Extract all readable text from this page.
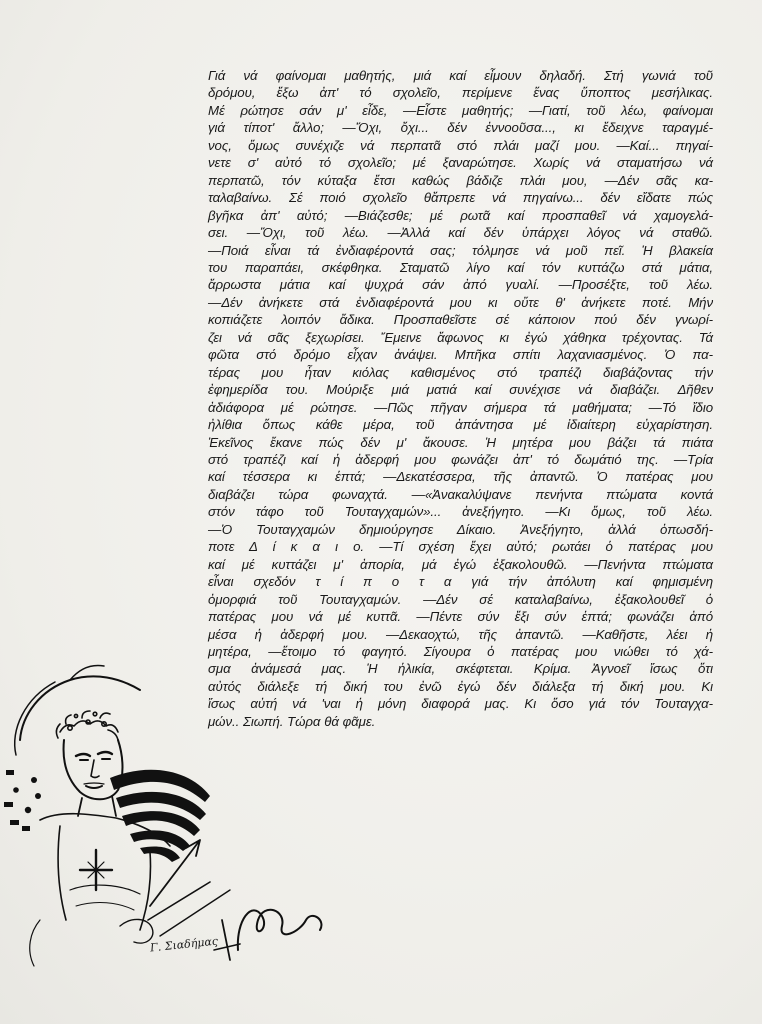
Γιά νά φαίνομαι μαθητής, μιά καί εἶμουν δηλαδή. Στή γωνιά τοῦ
δρόμου, ἔξω ἀπ' τό σχολεῖο, περίμενε ἕνας ὕποπτος μεσήλικας.
Μέ ρώτησε σάν μ' εἶδε, —Εἶστε μαθητής; —Γιατί, τοῦ λέω, φαίνομαι
γιά τίποτ' ἄλλο; —Ὄχι, ὄχι... δέν ἐννοοῦσα..., κι ἔδειχνε ταραγμέ-
νος, ὅμως συνέχιζε νά περπατᾶ στό πλάι μαζί μου. —Καί... πηγαί-
νετε σ' αὐτό τό σχολεῖο; μέ ξαναρώτησε. Χωρίς νά σταματήσω νά
περπατῶ, τόν κύταξα ἔτσι καθώς βάδιζε πλάι μου, —Δέν σᾶς κα-
ταλαβαίνω. Σέ ποιό σχολεῖο θἄπρεπε νά πηγαίνω... δέν εἴδατε πώς
βγῆκα ἀπ' αὐτό; —Βιάζεσθε; μέ ρωτᾶ καί προσπαθεῖ νά χαμογελά-
σει. —Ὄχι, τοῦ λέω. —Ἀλλά καί δέν ὑπάρχει λόγος νά σταθῶ.
—Ποιά εἶναι τά ἐνδιαφέροντά σας; τόλμησε νά μοῦ πεῖ. Ἡ βλακεία
του παραπάει, σκέφθηκα. Σταματῶ λίγο καί τόν κυττάζω στά μάτια,
ἄρρωστα μάτια καί ψυχρά σάν ἀπό γυαλί. —Προσέξτε, τοῦ λέω.
—Δέν ἀνήκετε στά ἐνδιαφέροντά μου κι οὔτε θ' ἀνήκετε ποτέ. Μήν
κοπιάζετε λοιπόν ἄδικα. Προσπαθεῖστε σέ κάποιον πού δέν γνωρί-
ζει νά σᾶς ξεχωρίσει. Ἔμεινε ἄφωνος κι ἐγώ χάθηκα τρέχοντας. Τά
φῶτα στό δρόμο εἶχαν ἀνάψει. Μπῆκα σπίτι λαχανιασμένος. Ὁ πα-
τέρας μου ἦταν κιόλας καθισμένος στό τραπέζι διαβάζοντας τήν
ἐφημερίδα του. Μούριξε μιά ματιά καί συνέχισε νά διαβάζει. Δῆθεν
ἀδιάφορα μέ ρώτησε. —Πῶς πῆγαν σήμερα τά μαθήματα; —Τό ἴδιο
ἠλίθια ὅπως κάθε μέρα, τοῦ ἀπάντησα μέ ἰδιαίτερη εὐχαρίστηση.
Ἐκεῖνος ἔκανε πώς δέν μ' ἄκουσε. Ἡ μητέρα μου βάζει τά πιάτα
στό τραπέζι καί ἡ ἀδερφή μου φωνάζει ἀπ' τό δωμάτιό της. —Τρία
καί τέσσερα κι ἑπτά; —Δεκατέσσερα, τῆς ἀπαντῶ. Ὁ πατέρας μου
διαβάζει τώρα φωναχτά. —«Ἀνακαλύψανε πενήντα πτώματα κοντά
στόν τάφο τοῦ Τουταγχαμών»... ἀνεξήγητο. —Κι ὅμως, τοῦ λέω.
—Ὁ Τουταγχαμών δημιούργησε Δίκαιο. Ἀνεξήγητο, ἀλλά ὁπωσδή-
ποτε Δ ί κ α ι ο. —Τί σχέση ἔχει αὐτό; ρωτάει ὁ πατέρας μου
καί μέ κυττάζει μ' ἀπορία, μά ἐγώ ἐξακολουθῶ. —Πενήντα πτώματα
εἶναι σχεδόν τ ί π ο τ α γιά τήν ἀπόλυτη καί φημισμένη
ὀμορφιά τοῦ Τουταγχαμών. —Δέν σέ καταλαβαίνω, ἐξακολουθεῖ ὁ
πατέρας μου νά μέ κυττᾶ. —Πέντε σύν ἔξι σύν ἑπτά; φωνάζει ἀπό
μέσα ἡ ἀδερφή μου. —Δεκαοχτώ, τῆς ἀπαντῶ. —Καθῆστε, λέει ἡ
μητέρα, —ἕτοιμο τό φαγητό. Σίγουρα ὁ πατέρας μου νιώθει τό χά-
σμα ἀνάμεσά μας. Ἡ ἡλικία, σκέφτεται. Κρίμα. Ἀγνοεῖ ἴσως ὅτι
αὐτός διάλεξε τή δική του ἐνῶ ἐγώ δέν διάλεξα τή δική μου. Κι
ἴσως αὐτή νά 'ναι ἡ μόνη διαφορά μας. Κι ὅσο γιά τόν Τουταγχα-
μών.. Σιωπή. Τώρα θά φᾶμε.

Γ. Σιαδήμας
